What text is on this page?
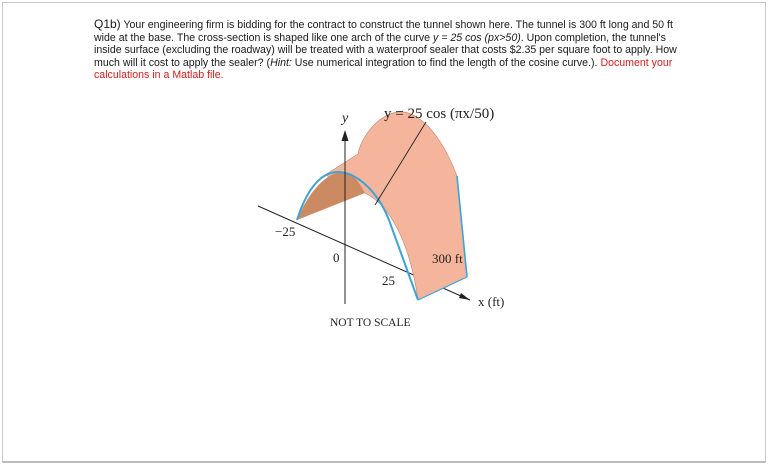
Q1b) Your engineering firm is bidding for the contract to construct the tunnel shown here. The tunnel is 300 ft long and 50 ft wide at the base. The cross-section is shaped like one arch of the curve y = 25 cos (px>50). Upon completion, the tunnel's inside surface (excluding the roadway) will be treated with a waterproof sealer that costs $2.35 per square foot to apply. How much will it cost to apply the sealer? (Hint: Use numerical integration to find the length of the cosine curve.). Document your calculations in a Matlab file.
y y = 25 cos (πx/50)
−25
0
25
300 ft
x (ft)
NOT TO SCALE
